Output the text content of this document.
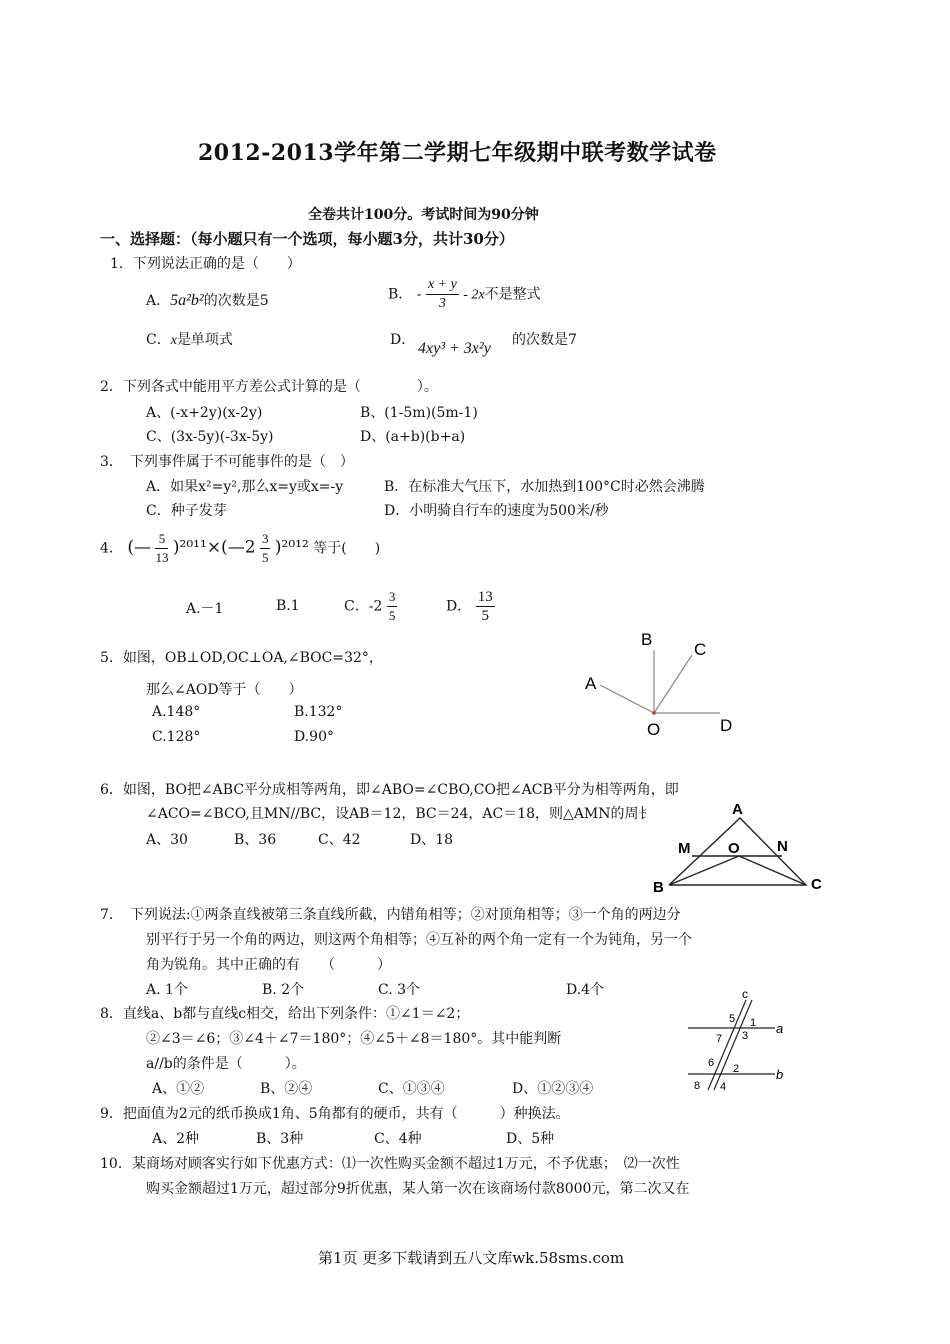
2012-2013学年第二学期七年级期中联考数学试卷
全卷共计100分。考试时间为90分钟
一、选择题：（每小题只有一个选项，每小题3分，共计30分）
1．下列说法正确的是（　　）
A．5a²b²的次数是5	B． - $\frac{x + y}{3} - 2x$不是整式
C．x是单项式	D． 4xy³ + 3x²y 的次数是7
2．下列各式中能用平方差公式计算的是（　　　　）。
A、(-x+2y)(x-2y)	B、(1-5m)(5m-1)
C、(3x-5y)(-3x-5y)	D、(a+b)(b+a)
3．　下列事件属于不可能事件的是（　）
A．如果x²=y²,那么x=y或x=-y	B．在标准大气压下，水加热到100°C时必然会沸腾
C．种子发芽	D．小明骑自行车的速度为500米/秒
4． (— $\frac{5}{13}$ )²⁰¹¹×(—2 $\frac{3}{5} )^{2012}$ 等于(　　)
A.－1	B.1	C．$-2 \frac{3}{5}$	D． $\frac{13}{5}$
5．如图，OB⊥OD,OC⊥OA,∠BOC=32°，
那么∠AOD等于（　　）
A.148°	B.132°
C.128°	D.90°
B
C
A
O	D
6．如图，BO把∠ABC平分成相等两角，即∠ABO=∠CBO,CO把∠ACB平分为相等两角，即
∠ACO=∠BCO,且MN//BC，设AB＝12，BC＝24，AC＝18，则△AMN的周长为
A、30	B、36	C、42	D、18
A
M	O N
B	C
7．　下列说法:①两条直线被第三条直线所截，内错角相等；②对顶角相等；③一个角的两边分
别平行于另一个角的两边，则这两个角相等；④互补的两个角一定有一个为钝角，另一个
角为锐角。其中正确的有　　（　　　）
A. 1个	B. 2个	C. 3个	D.4个
8．直线a、b都与直线c相交，给出下列条件：①∠1＝∠2；
②∠3＝∠6；③∠4＋∠7＝180°；④∠5＋∠8＝180°。其中能判断
a//b的条件是（　　　）。
A、①②	B、②④	C、①③④	D、①②③④
c
a
b
1
2
3
4
5
6
7
8
9．把面值为2元的纸币换成1角、5角都有的硬币，共有（　　　）种换法。
A、2种	B、3种	C、4种	D、5种
10．某商场对顾客实行如下优惠方式：⑴一次性购买金额不超过1万元，不予优惠；　⑵一次性
购买金额超过1万元，超过部分9折优惠，某人第一次在该商场付款8000元，第二次又在
第1页 更多下载请到五八文库wk.58sms.com
